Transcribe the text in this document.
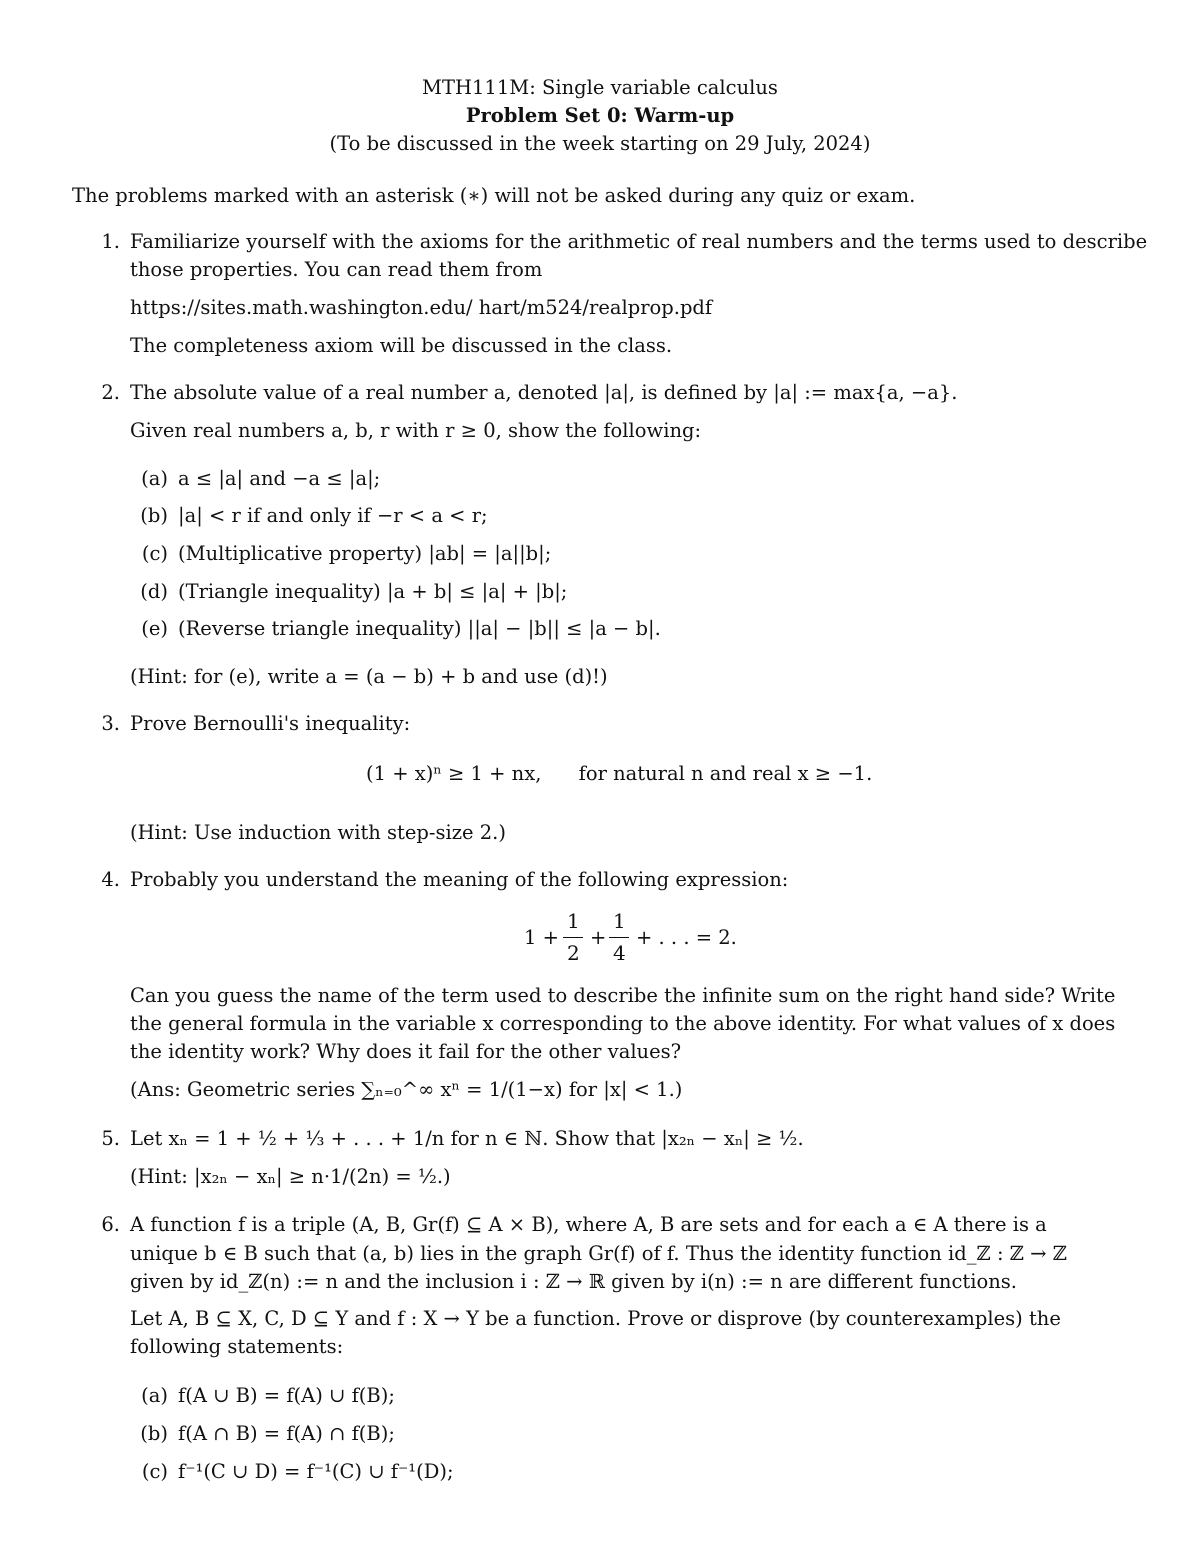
MTH111M: Single variable calculus
Problem Set 0: Warm-up
(To be discussed in the week starting on 29 July, 2024)
The problems marked with an asterisk (∗) will not be asked during any quiz or exam.
1. Familiarize yourself with the axioms for the arithmetic of real numbers and the terms used to describe
those properties. You can read them from
https://sites.math.washington.edu/ hart/m524/realprop.pdf
The completeness axiom will be discussed in the class.
2. The absolute value of a real number a, denoted |a|, is defined by |a| := max{a, −a}.
Given real numbers a, b, r with r ≥ 0, show the following:
(a) a ≤ |a| and −a ≤ |a|;
(b) |a| < r if and only if −r < a < r;
(c) (Multiplicative property) |ab| = |a||b|;
(d) (Triangle inequality) |a + b| ≤ |a| + |b|;
(e) (Reverse triangle inequality) ||a| − |b|| ≤ |a − b|.
(Hint: for (e), write a = (a − b) + b and use (d)!)
3. Prove Bernoulli's inequality:
(1 + x)ⁿ ≥ 1 + nx,      for natural n and real x ≥ −1.
(Hint: Use induction with step-size 2.)
4. Probably you understand the meaning of the following expression:
1 +
1
2
+
1
4
+ . . . = 2.
Can you guess the name of the term used to describe the infinite sum on the right hand side? Write
the general formula in the variable x corresponding to the above identity. For what values of x does
the identity work? Why does it fail for the other values?
(Ans: Geometric series ∑ₙ₌₀^∞ xⁿ = 1/(1−x) for |x| < 1.)
5. Let xₙ = 1 + ½ + ⅓ + . . . + 1/n for n ∈ ℕ. Show that |x₂ₙ − xₙ| ≥ ½.
(Hint: |x₂ₙ − xₙ| ≥ n·1/(2n) = ½.)
6. A function f is a triple (A, B, Gr(f) ⊆ A × B), where A, B are sets and for each a ∈ A there is a
unique b ∈ B such that (a, b) lies in the graph Gr(f) of f. Thus the identity function id_ℤ : ℤ → ℤ
given by id_ℤ(n) := n and the inclusion i : ℤ → ℝ given by i(n) := n are different functions.
Let A, B ⊆ X, C, D ⊆ Y and f : X → Y be a function. Prove or disprove (by counterexamples) the
following statements:
(a) f(A ∪ B) = f(A) ∪ f(B);
(b) f(A ∩ B) = f(A) ∩ f(B);
(c) f⁻¹(C ∪ D) = f⁻¹(C) ∪ f⁻¹(D);
